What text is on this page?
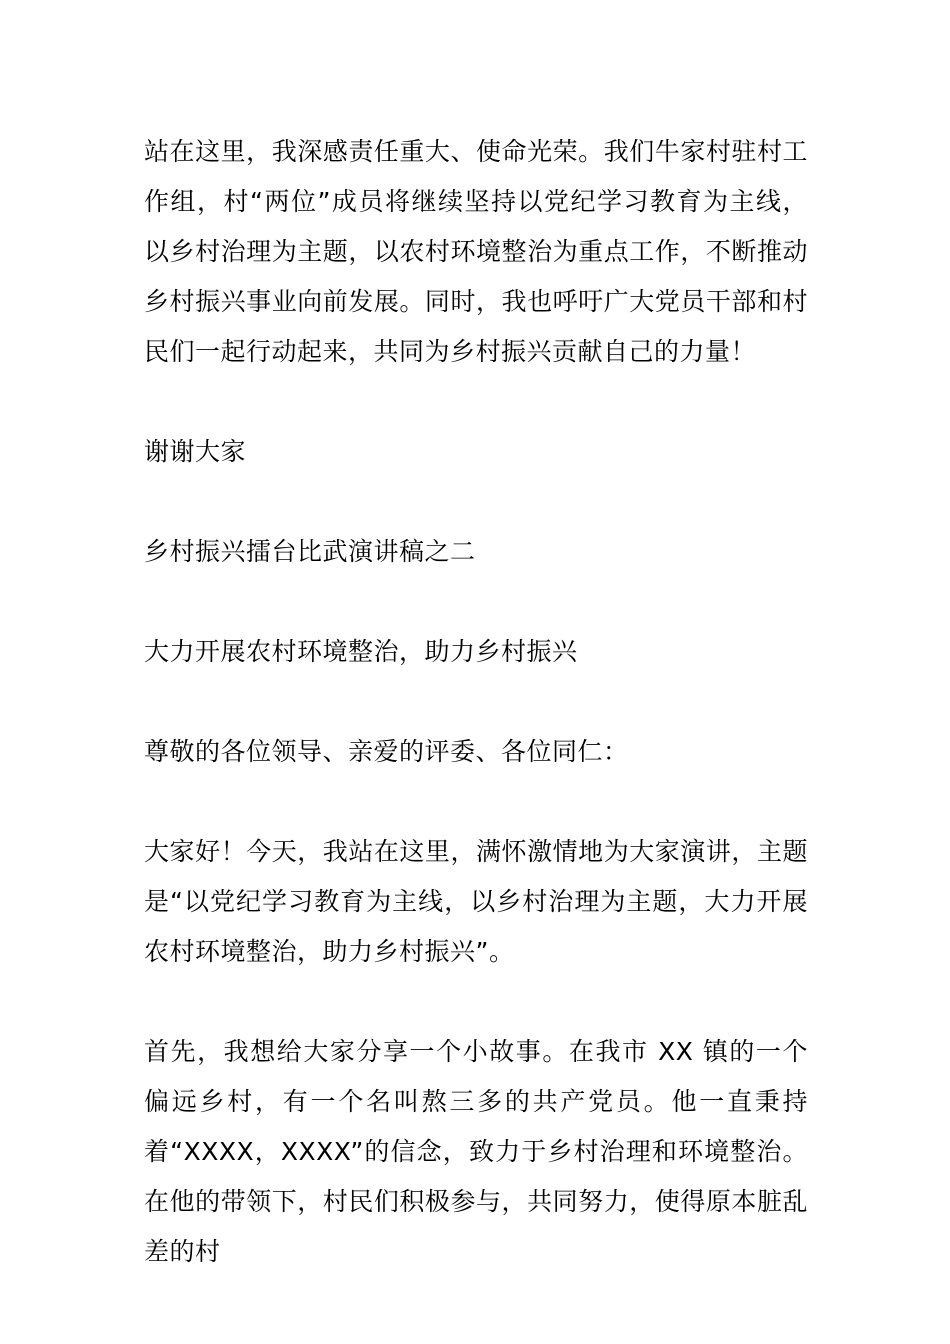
站在这里，我深感责任重大、使命光荣。我们牛家村驻村工作组，村“两位”成员将继续坚持以党纪学习教育为主线，以乡村治理为主题，以农村环境整治为重点工作，不断推动乡村振兴事业向前发展。同时，我也呼吁广大党员干部和村民们一起行动起来，共同为乡村振兴贡献自己的力量！

谢谢大家

乡村振兴擂台比武演讲稿之二

大力开展农村环境整治，助力乡村振兴

尊敬的各位领导、亲爱的评委、各位同仁：

大家好！今天，我站在这里，满怀激情地为大家演讲，主题是“以党纪学习教育为主线，以乡村治理为主题，大力开展农村环境整治，助力乡村振兴”。

首先，我想给大家分享一个小故事。在我市 XX 镇的一个偏远乡村，有一个名叫熬三多的共产党员。他一直秉持着“XXXX，XXXX”的信念，致力于乡村治理和环境整治。在他的带领下，村民们积极参与，共同努力，使得原本脏乱差的村
